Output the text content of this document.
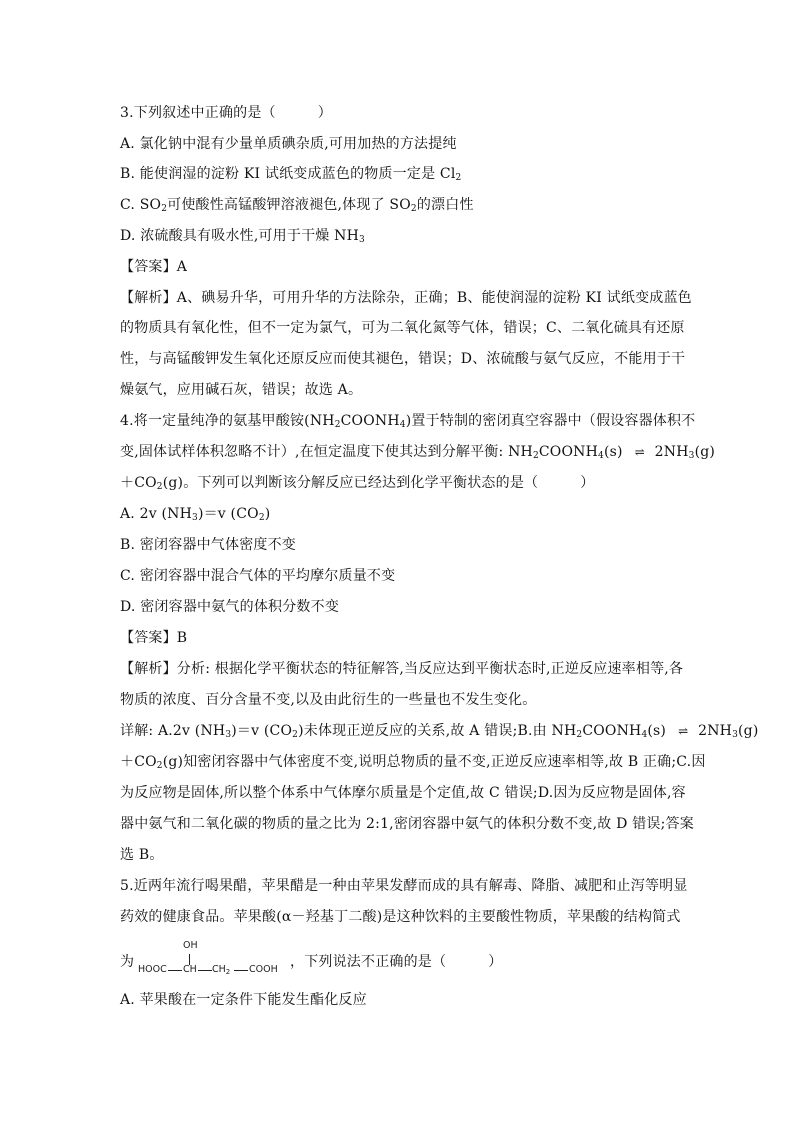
3.下列叙述中正确的是（	）
A. 氯化钠中混有少量单质碘杂质,可用加热的方法提纯
B. 能使润湿的淀粉 KI 试纸变成蓝色的物质一定是 $Cl_2$
C. $SO_2$可使酸性高锰酸钾溶液褪色,体现了 $SO_2$的漂白性
D. 浓硫酸具有吸水性,可用于干燥 $NH_3$
【答案】A
【解析】A、碘易升华，可用升华的方法除杂，正确；B、能使润湿的淀粉 KI 试纸变成蓝色
的物质具有氧化性，但不一定为氯气，可为二氧化氮等气体，错误；C、二氧化硫具有还原
性，与高锰酸钾发生氧化还原反应而使其褪色，错误；D、浓硫酸与氨气反应，不能用于干
燥氨气，应用碱石灰，错误；故选 A。
4.将一定量纯净的氨基甲酸铵$(NH_2COONH_4)$置于特制的密闭真空容器中（假设容器体积不
变,固体试样体积忽略不计）,在恒定温度下使其达到分解平衡: $NH_2COONH_4(s)$ ⇌ $2NH_3(g)$
$+CO_2(g)$。下列可以判断该分解反应已经达到化学平衡状态的是（	）
A. 2v $(NH_3)=v$ $(CO_2)$
B. 密闭容器中气体密度不变
C. 密闭容器中混合气体的平均摩尔质量不变
D. 密闭容器中氨气的体积分数不变
【答案】B
【解析】分析: 根据化学平衡状态的特征解答,当反应达到平衡状态时,正逆反应速率相等,各
物质的浓度、百分含量不变,以及由此衍生的一些量也不发生变化。
详解: A.2v $(NH_3)=v$ $(CO_2)$未体现正逆反应的关系,故 A 错误;B.由 $NH_2COONH_4(s)$ ⇌ $2NH_3(g)$
$+CO_2(g)$知密闭容器中气体密度不变,说明总物质的量不变,正逆反应速率相等,故 B 正确;C.因
为反应物是固体,所以整个体系中气体摩尔质量是个定值,故 C 错误;D.因为反应物是固体,容
器中氨气和二氧化碳的物质的量之比为 2:1,密闭容器中氨气的体积分数不变,故 D 错误;答案
选 B。
5.近两年流行喝果醋，苹果醋是一种由苹果发酵而成的具有解毒、降脂、减肥和止泻等明显
药效的健康食品。苹果酸(α－羟基丁二酸)是这种饮料的主要酸性物质，苹果酸的结构简式
为
OH
HOOC CH $CH_2$ COOH ，下列说法不正确的是（	）
A. 苹果酸在一定条件下能发生酯化反应
